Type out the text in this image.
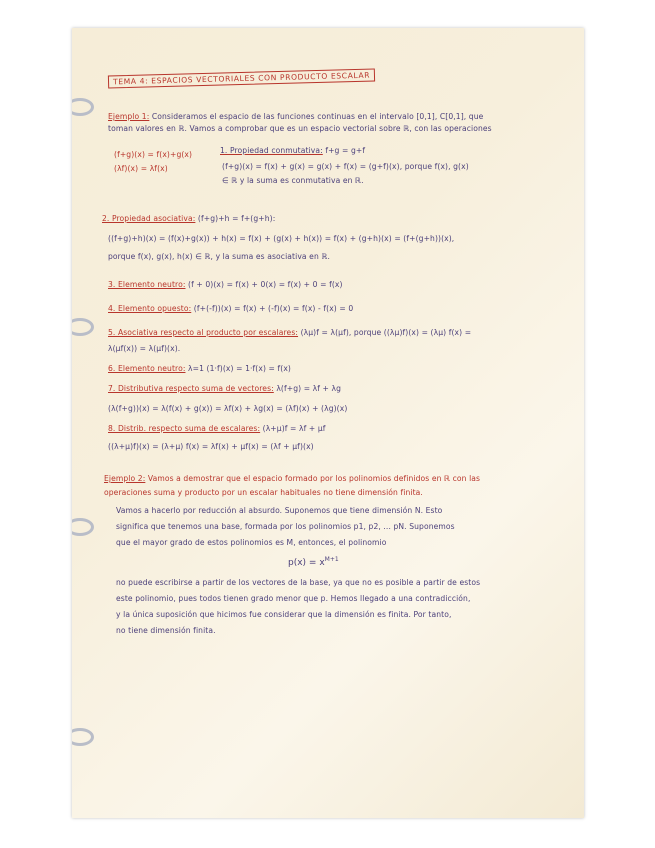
TEMA 4: ESPACIOS VECTORIALES CON PRODUCTO ESCALAR
Ejemplo 1: Consideramos el espacio de las funciones continuas en el intervalo [0,1], C[0,1], que
toman valores en ℝ. Vamos a comprobar que es un espacio vectorial sobre ℝ, con las operaciones
(f+g)(x) = f(x)+g(x)
(λf)(x) = λf(x)
1. Propiedad conmutativa: f+g = g+f
(f+g)(x) = f(x) + g(x) = g(x) + f(x) = (g+f)(x), porque f(x), g(x)
∈ ℝ y la suma es conmutativa en ℝ.
2. Propiedad asociativa: (f+g)+h = f+(g+h):
((f+g)+h)(x) = (f(x)+g(x)) + h(x) = f(x) + (g(x) + h(x)) = f(x) + (g+h)(x) = (f+(g+h))(x),
porque f(x), g(x), h(x) ∈ ℝ, y la suma es asociativa en ℝ.
3. Elemento neutro: (f + 0)(x) = f(x) + 0(x) = f(x) + 0 = f(x)
4. Elemento opuesto: (f+(-f))(x) = f(x) + (-f)(x) = f(x) - f(x) = 0
5. Asociativa respecto al producto por escalares: (λμ)f = λ(μf), porque ((λμ)f)(x) = (λμ) f(x) =
λ(μf(x)) = λ(μf)(x).
6. Elemento neutro: λ=1 (1·f)(x) = 1·f(x) = f(x)
7. Distributiva respecto suma de vectores: λ(f+g) = λf + λg
(λ(f+g))(x) = λ(f(x) + g(x)) = λf(x) + λg(x) = (λf)(x) + (λg)(x)
8. Distrib. respecto suma de escalares: (λ+μ)f = λf + μf
((λ+μ)f)(x) = (λ+μ) f(x) = λf(x) + μf(x) = (λf + μf)(x)
Ejemplo 2: Vamos a demostrar que el espacio formado por los polinomios definidos en ℝ con las
operaciones suma y producto por un escalar habituales no tiene dimensión finita.
Vamos a hacerlo por reducción al absurdo. Suponemos que tiene dimensión N. Esto
significa que tenemos una base, formada por los polinomios p1, p2, ... pN. Suponemos
que el mayor grado de estos polinomios es M, entonces, el polinomio
$p(x) = x^{M+1}$
no puede escribirse a partir de los vectores de la base, ya que no es posible a partir de estos
este polinomio, pues todos tienen grado menor que p. Hemos llegado a una contradicción,
y la única suposición que hicimos fue considerar que la dimensión es finita. Por tanto,
no tiene dimensión finita.
